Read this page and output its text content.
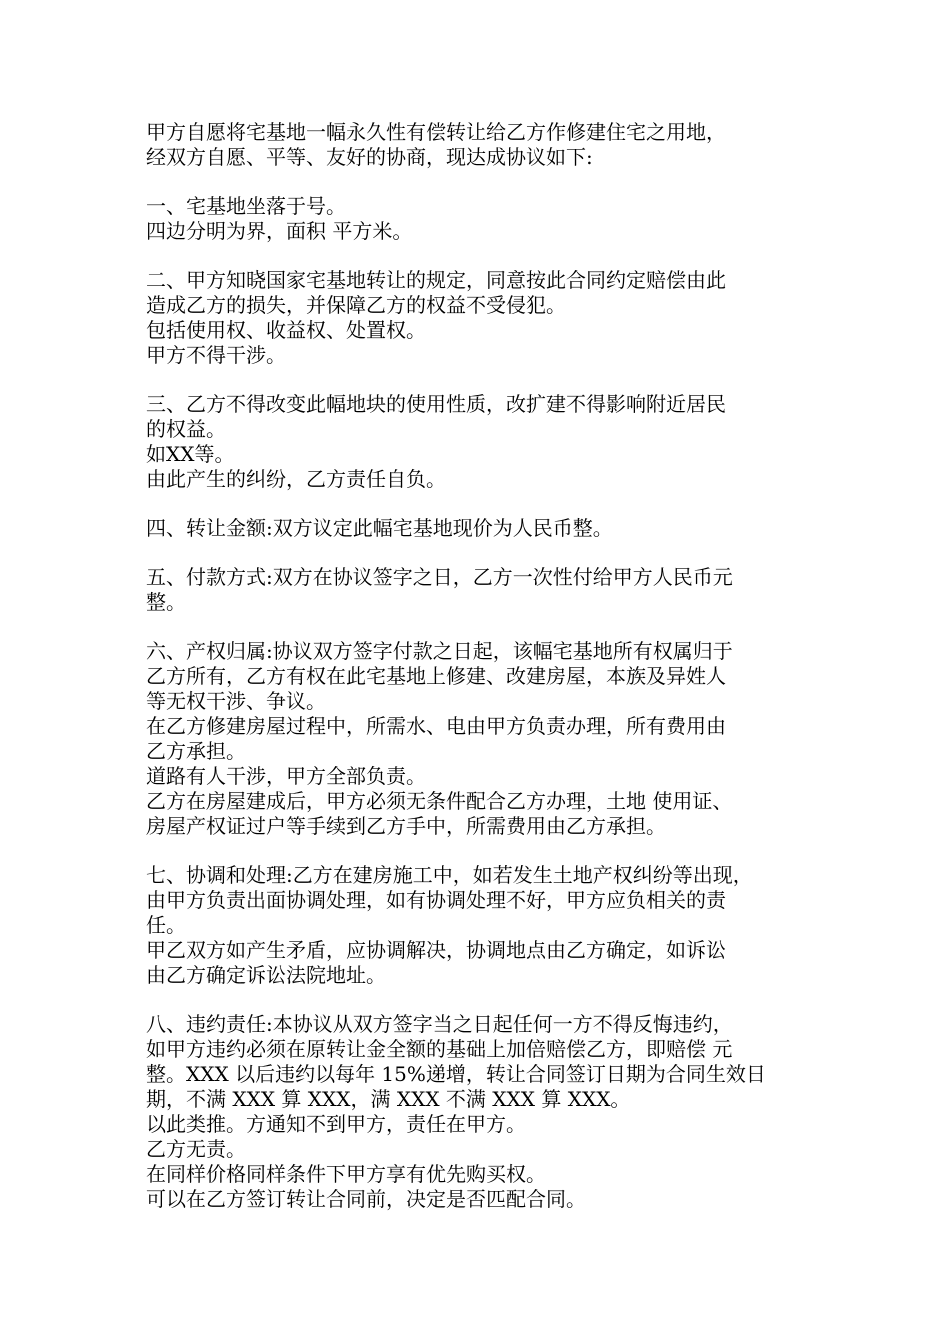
甲方自愿将宅基地一幅永久性有偿转让给乙方作修建住宅之用地，
经双方自愿、平等、友好的协商，现达成协议如下:
一、宅基地坐落于号。
四边分明为界，面积 平方米。
二、甲方知晓国家宅基地转让的规定，同意按此合同约定赔偿由此
造成乙方的损失，并保障乙方的权益不受侵犯。
包括使用权、收益权、处置权。
甲方不得干涉。
三、乙方不得改变此幅地块的使用性质，改扩建不得影响附近居民
的权益。
如XX等。
由此产生的纠纷，乙方责任自负。
四、转让金额:双方议定此幅宅基地现价为人民币整。
五、付款方式:双方在协议签字之日，乙方一次性付给甲方人民币元
整。
六、产权归属:协议双方签字付款之日起，该幅宅基地所有权属归于
乙方所有，乙方有权在此宅基地上修建、改建房屋，本族及异姓人
等无权干涉、争议。
在乙方修建房屋过程中，所需水、电由甲方负责办理，所有费用由
乙方承担。
道路有人干涉，甲方全部负责。
乙方在房屋建成后，甲方必须无条件配合乙方办理，土地 使用证、
房屋产权证过户等手续到乙方手中，所需费用由乙方承担。
七、协调和处理:乙方在建房施工中，如若发生土地产权纠纷等出现，
由甲方负责出面协调处理，如有协调处理不好，甲方应负相关的责
任。
甲乙双方如产生矛盾，应协调解决，协调地点由乙方确定，如诉讼
由乙方确定诉讼法院地址。
八、违约责任:本协议从双方签字当之日起任何一方不得反悔违约，
如甲方违约必须在原转让金全额的基础上加倍赔偿乙方，即赔偿 元
整。XXX 以后违约以每年 15%递增，转让合同签订日期为合同生效日
期，不满 XXX 算 XXX，满 XXX 不满 XXX 算 XXX。
以此类推。方通知不到甲方，责任在甲方。
乙方无责。
在同样价格同样条件下甲方享有优先购买权。
可以在乙方签订转让合同前，决定是否匹配合同。
